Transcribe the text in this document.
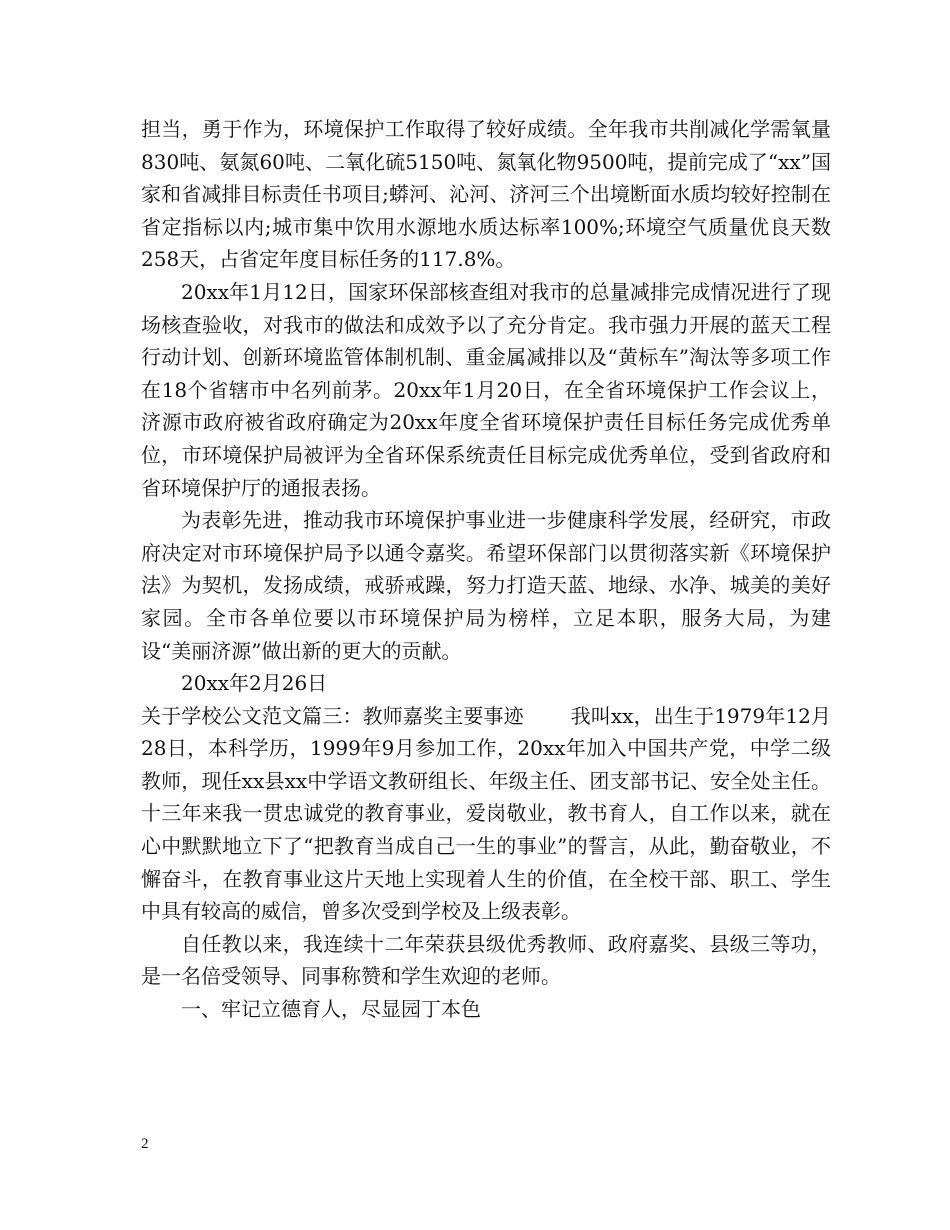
担当，勇于作为，环境保护工作取得了较好成绩。全年我市共削减化学需氧量830吨、氨氮60吨、二氧化硫5150吨、氮氧化物9500吨，提前完成了“xx”国家和省减排目标责任书项目;蟒河、沁河、济河三个出境断面水质均较好控制在省定指标以内;城市集中饮用水源地水质达标率100%;环境空气质量优良天数258天，占省定年度目标任务的117.8%。

20xx年1月12日，国家环保部核查组对我市的总量减排完成情况进行了现场核查验收，对我市的做法和成效予以了充分肯定。我市强力开展的蓝天工程行动计划、创新环境监管体制机制、重金属减排以及“黄标车”淘汰等多项工作在18个省辖市中名列前茅。20xx年1月20日，在全省环境保护工作会议上，济源市政府被省政府确定为20xx年度全省环境保护责任目标任务完成优秀单位，市环境保护局被评为全省环保系统责任目标完成优秀单位，受到省政府和省环境保护厅的通报表扬。

为表彰先进，推动我市环境保护事业进一步健康科学发展，经研究，市政府决定对市环境保护局予以通令嘉奖。希望环保部门以贯彻落实新《环境保护法》为契机，发扬成绩，戒骄戒躁，努力打造天蓝、地绿、水净、城美的美好家园。全市各单位要以市环境保护局为榜样，立足本职，服务大局，为建设“美丽济源”做出新的更大的贡献。

20xx年2月26日

关于学校公文范文篇三：教师嘉奖主要事迹　　 我叫xx，出生于1979年12月28日，本科学历，1999年9月参加工作，20xx年加入中国共产党，中学二级教师，现任xx县xx中学语文教研组长、年级主任、团支部书记、安全处主任。十三年来我一贯忠诚党的教育事业，爱岗敬业，教书育人，自工作以来，就在心中默默地立下了“把教育当成自己一生的事业”的誓言，从此，勤奋敬业，不懈奋斗，在教育事业这片天地上实现着人生的价值，在全校干部、职工、学生中具有较高的威信，曾多次受到学校及上级表彰。

自任教以来，我连续十二年荣获县级优秀教师、政府嘉奖、县级三等功，是一名倍受领导、同事称赞和学生欢迎的老师。

一、牢记立德育人，尽显园丁本色

2
